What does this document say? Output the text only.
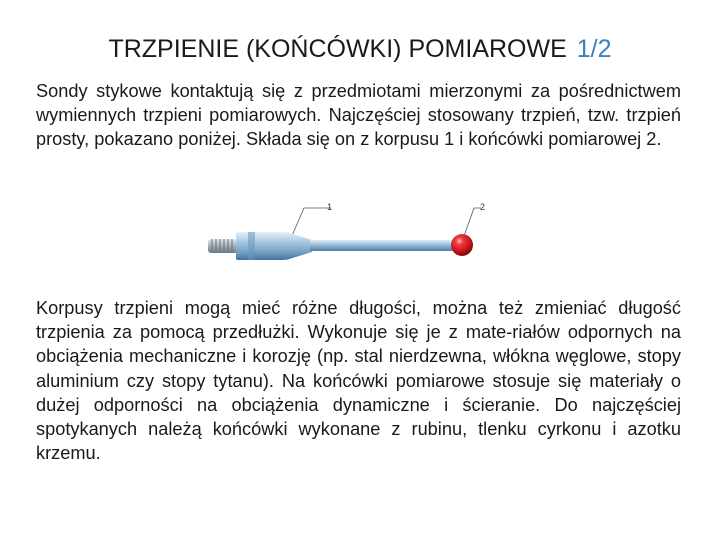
TRZPIENIE (KOŃCÓWKI) POMIAROWE 1/2
Sondy stykowe kontaktują się z przedmiotami mierzonymi za pośrednictwem wymiennych trzpieni pomiarowych. Najczęściej stosowany trzpień, tzw. trzpień prosty, pokazano poniżej. Składa się on z korpusu 1 i końcówki pomiarowej 2.
1	2
Korpusy trzpieni mogą mieć różne długości, można też zmieniać długość trzpienia za pomocą przedłużki. Wykonuje się je z mate-riałów odpornych na obciążenia mechaniczne i korozję (np. stal nierdzewna, włókna węglowe, stopy aluminium czy stopy tytanu). Na końcówki pomiarowe stosuje się materiały o dużej odporności na obciążenia dynamiczne i ścieranie. Do najczęściej spotykanych należą końcówki wykonane z rubinu, tlenku cyrkonu i azotku krzemu.
